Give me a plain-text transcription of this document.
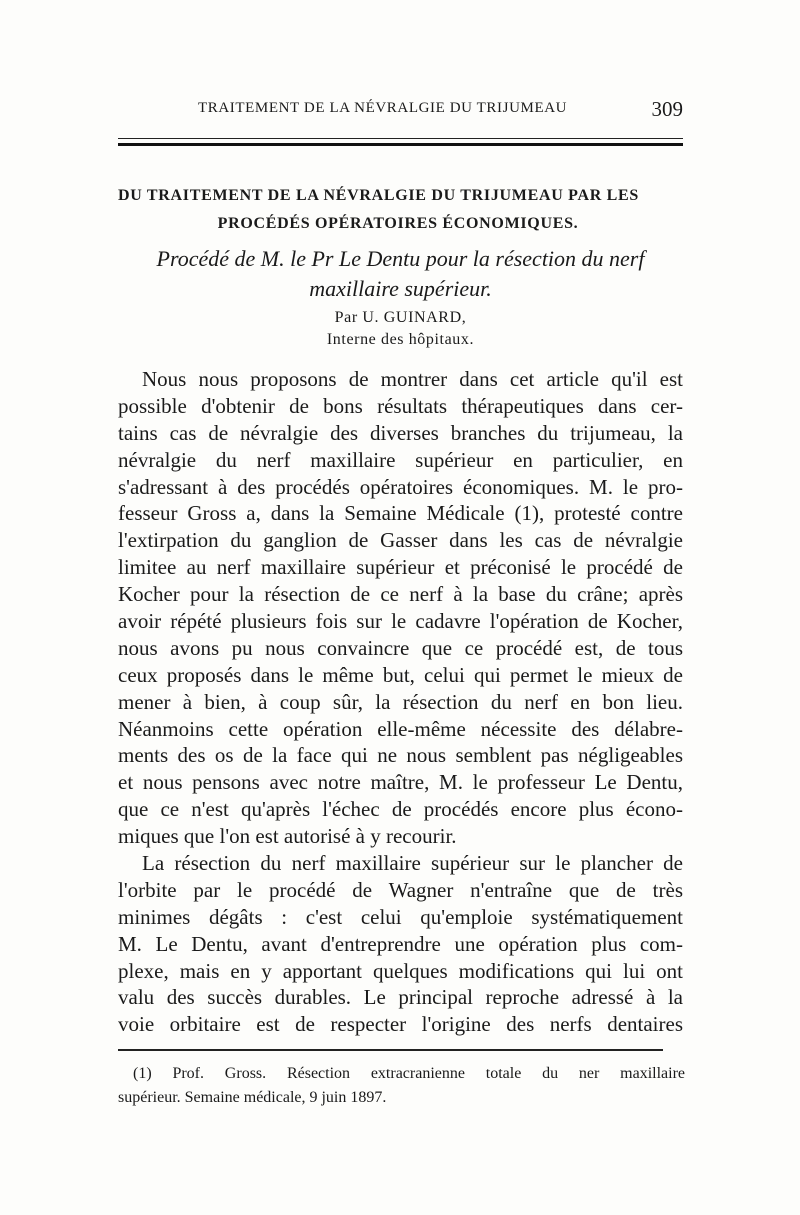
TRAITEMENT DE LA NÉVRALGIE DU TRIJUMEAU	309
DU TRAITEMENT DE LA NÉVRALGIE DU TRIJUMEAU PAR LES
PROCÉDÉS OPÉRATOIRES ÉCONOMIQUES.
Procédé de M. le Pr Le Dentu pour la résection du nerf
maxillaire supérieur.
Par U. GUINARD,
Interne des hôpitaux.
Nous nous proposons de montrer dans cet article qu'il est
possible d'obtenir de bons résultats thérapeutiques dans cer-
tains cas de névralgie des diverses branches du trijumeau, la
névralgie du nerf maxillaire supérieur en particulier, en
s'adressant à des procédés opératoires économiques. M. le pro-
fesseur Gross a, dans la Semaine Médicale (1), protesté contre
l'extirpation du ganglion de Gasser dans les cas de névralgie
limitee au nerf maxillaire supérieur et préconisé le procédé de
Kocher pour la résection de ce nerf à la base du crâne; après
avoir répété plusieurs fois sur le cadavre l'opération de Kocher,
nous avons pu nous convaincre que ce procédé est, de tous
ceux proposés dans le même but, celui qui permet le mieux de
mener à bien, à coup sûr, la résection du nerf en bon lieu.
Néanmoins cette opération elle-même nécessite des délabre-
ments des os de la face qui ne nous semblent pas négligeables
et nous pensons avec notre maître, M. le professeur Le Dentu,
que ce n'est qu'après l'échec de procédés encore plus écono-
miques que l'on est autorisé à y recourir.
La résection du nerf maxillaire supérieur sur le plancher de
l'orbite par le procédé de Wagner n'entraîne que de très
minimes dégâts : c'est celui qu'emploie systématiquement
M. Le Dentu, avant d'entreprendre une opération plus com-
plexe, mais en y apportant quelques modifications qui lui ont
valu des succès durables. Le principal reproche adressé à la
voie orbitaire est de respecter l'origine des nerfs dentaires
(1) Prof. Gross. Résection extracranienne totale du ner maxillaire
supérieur. Semaine médicale, 9 juin 1897.
